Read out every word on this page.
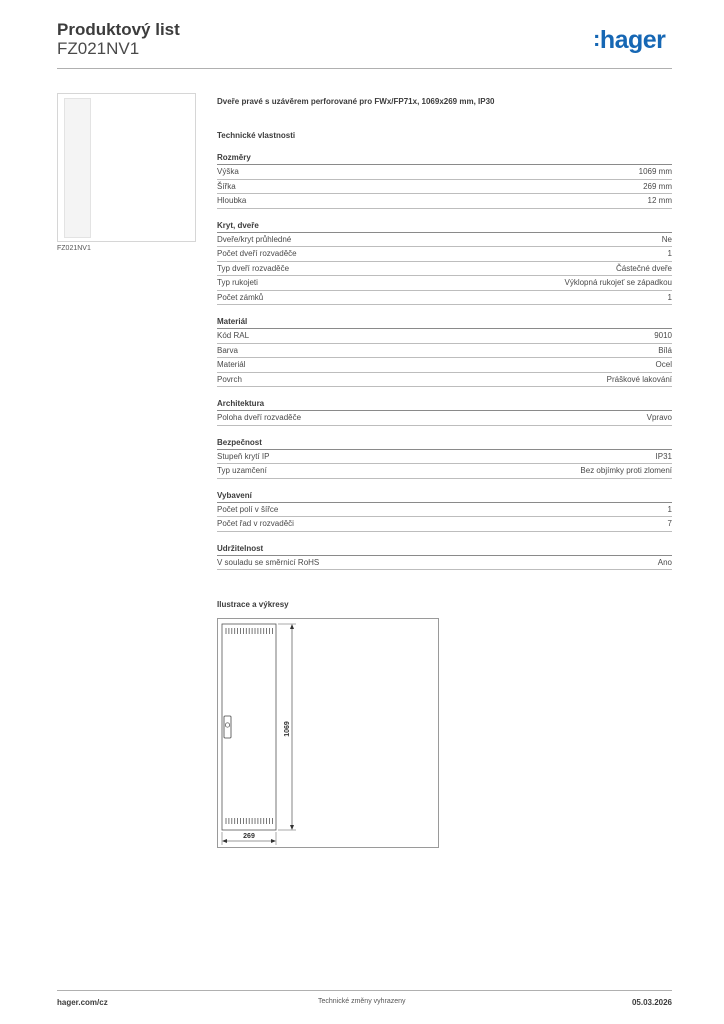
Produktový list
FZ021NV1	:hager
FZ021NV1
Dveře pravé s uzávěrem perforované pro FWx/FP71x, 1069x269 mm, IP30
Technické vlastnosti
Rozměry
Výška	1069 mm
Šířka	269 mm
Hloubka	12 mm
Kryt, dveře
Dveře/kryt průhledné	Ne
Počet dveří rozvaděče	1
Typ dveří rozvaděče	Částečné dveře
Typ rukojeti	Výklopná rukojeť se západkou
Počet zámků	1
Materiál
Kód RAL	9010
Barva	Bílá
Materiál	Ocel
Povrch	Práškové lakování
Architektura
Poloha dveří rozvaděče	Vpravo
Bezpečnost
Stupeň krytí IP	IP31
Typ uzamčení	Bez objímky proti zlomení
Vybavení
Počet polí v šířce	1
Počet řad v rozvaděči	7
Udržitelnost
V souladu se směrnicí RoHS	Ano
Ilustrace a výkresy
1069
269
hager.com/cz	Technické změny vyhrazeny	05.03.2026
